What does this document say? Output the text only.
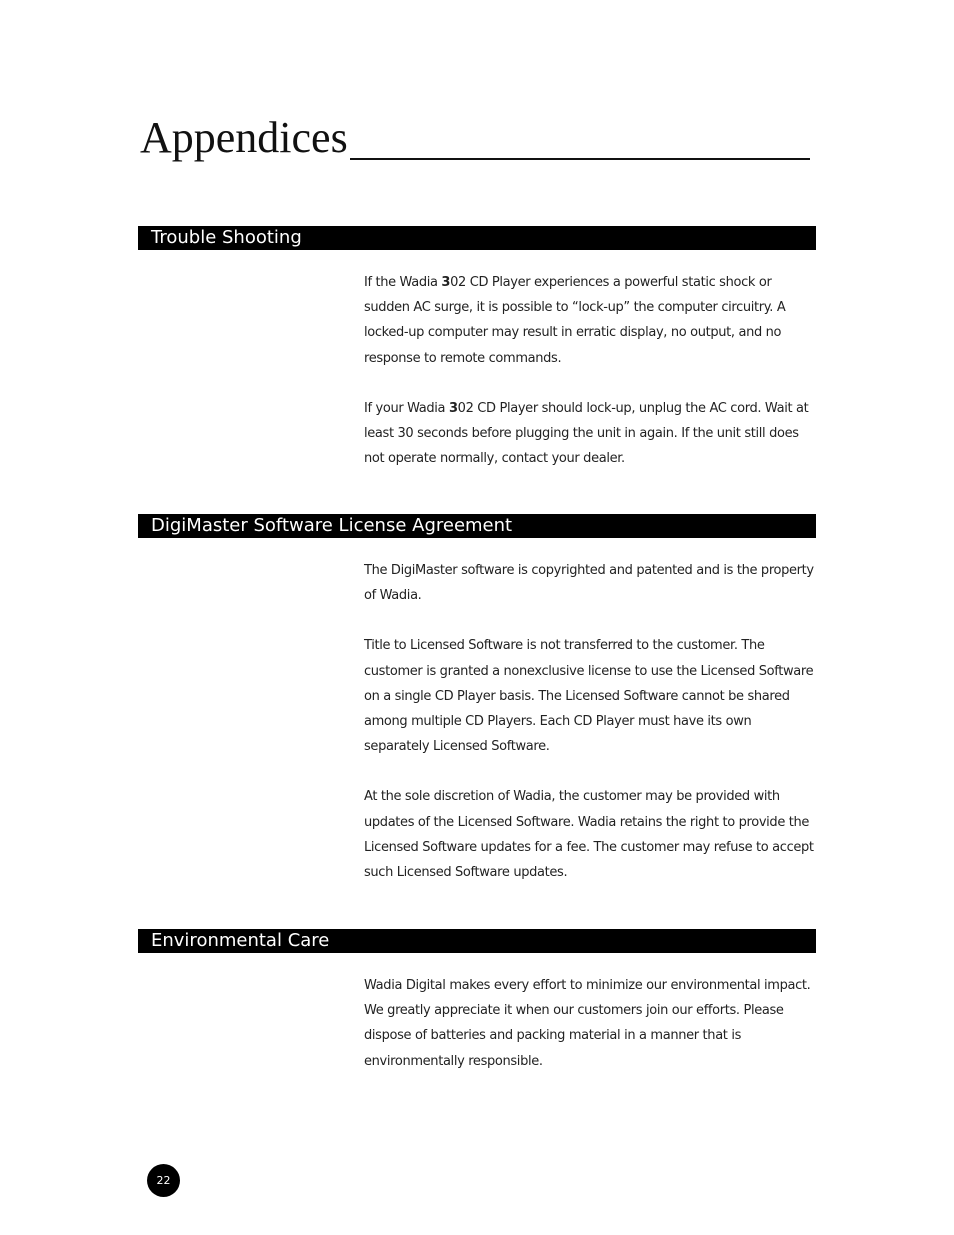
Appendices
Trouble Shooting

If the Wadia 302 CD Player experiences a powerful static shock or sudden AC surge, it is possible to “lock-up” the computer circuitry. A locked-up computer may result in erratic display, no output, and no response to remote commands.

If your Wadia 302 CD Player should lock-up, unplug the AC cord. Wait at least 30 seconds before plugging the unit in again. If the unit still does not operate normally, contact your dealer.

DigiMaster Software License Agreement

The DigiMaster software is copyrighted and patented and is the property of Wadia.

Title to Licensed Software is not transferred to the customer. The customer is granted a nonexclusive license to use the Licensed Software on a single CD Player basis. The Licensed Software cannot be shared among multiple CD Players. Each CD Player must have its own separately Licensed Software.

At the sole discretion of Wadia, the customer may be provided with updates of the Licensed Software. Wadia retains the right to provide the Licensed Software updates for a fee. The customer may refuse to accept such Licensed Software updates.

Environmental Care

Wadia Digital makes every effort to minimize our environmental impact. We greatly appreciate it when our customers join our efforts. Please dispose of batteries and packing material in a manner that is environmentally responsible.

22
